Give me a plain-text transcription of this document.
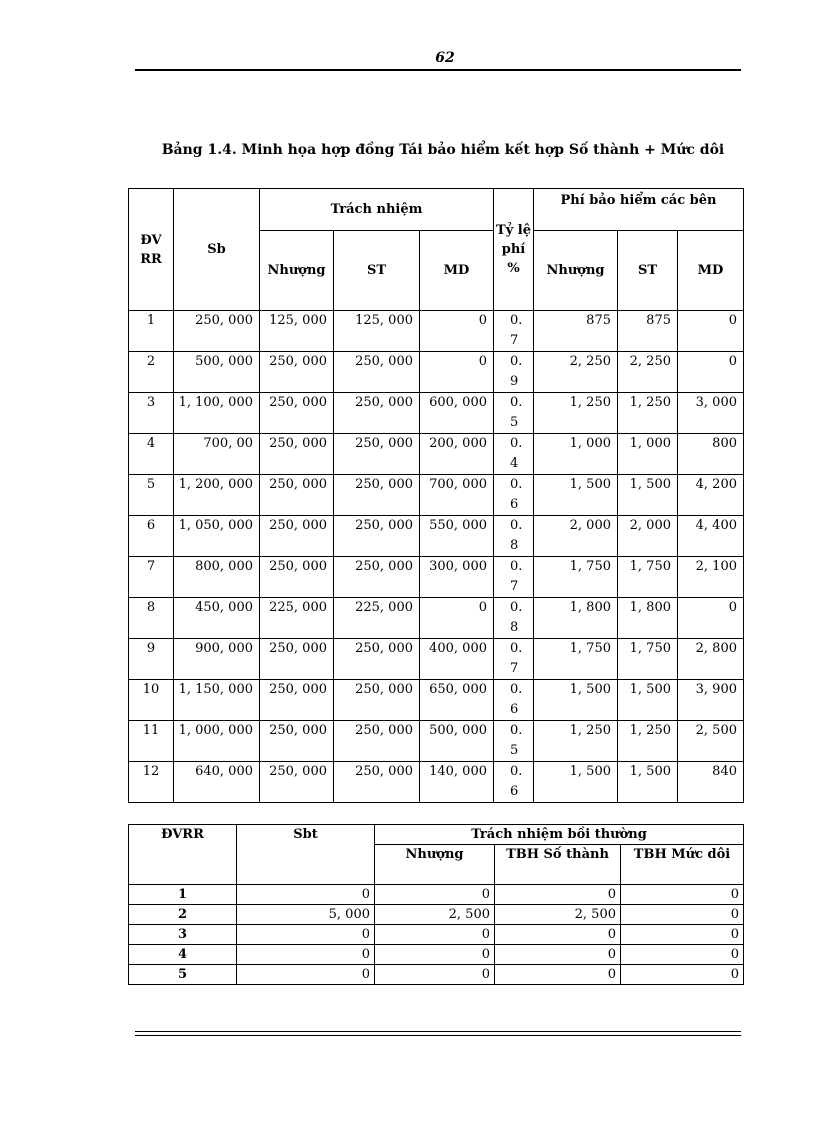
62
Bảng 1.4. Minh họa hợp đồng Tái bảo hiểm kết hợp Số thành + Mức dôi
ĐV RR	Sb	Trách nhiệm			Tỷ lệ phí %	Phí bảo hiểm các bên		
		Nhượng	ST	MD		Nhượng	ST	MD
1	250, 000	125, 000	125, 000	0	0. 7	875	875	0
2	500, 000	250, 000	250, 000	0	0. 9	2, 250	2, 250	0
3	1, 100, 000	250, 000	250, 000	600, 000	0. 5	1, 250	1, 250	3, 000
4	700, 00	250, 000	250, 000	200, 000	0. 4	1, 000	1, 000	800
5	1, 200, 000	250, 000	250, 000	700, 000	0. 6	1, 500	1, 500	4, 200
6	1, 050, 000	250, 000	250, 000	550, 000	0. 8	2, 000	2, 000	4, 400
7	800, 000	250, 000	250, 000	300, 000	0. 7	1, 750	1, 750	2, 100
8	450, 000	225, 000	225, 000	0	0. 8	1, 800	1, 800	0
9	900, 000	250, 000	250, 000	400, 000	0. 7	1, 750	1, 750	2, 800
10	1, 150, 000	250, 000	250, 000	650, 000	0. 6	1, 500	1, 500	3, 900
11	1, 000, 000	250, 000	250, 000	500, 000	0. 5	1, 250	1, 250	2, 500
12	640, 000	250, 000	250, 000	140, 000	0. 6	1, 500	1, 500	840
ĐVRR	Sbt	Trách nhiệm bồi thường		
		Nhượng	TBH Số thành	TBH Mức dôi
1	0	0	0	0
2	5, 000	2, 500	2, 500	0
3	0	0	0	0
4	0	0	0	0
5	0	0	0	0
